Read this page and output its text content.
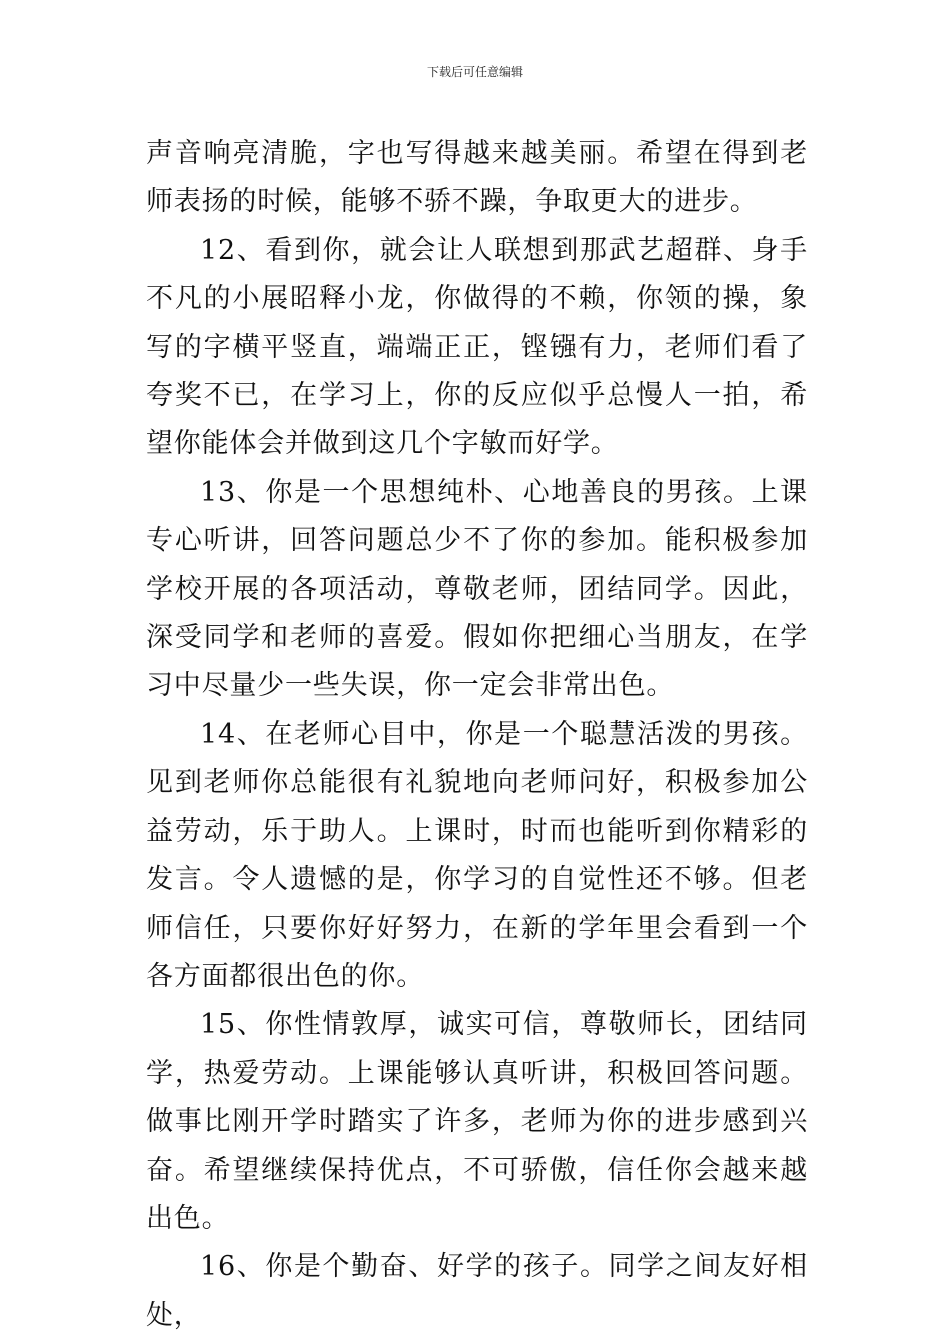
下载后可任意编辑

声音响亮清脆，字也写得越来越美丽。希望在得到老师表扬的时候，能够不骄不躁，争取更大的进步。

12、看到你，就会让人联想到那武艺超群、身手不凡的小展昭释小龙，你做得的不赖，你领的操，象写的字横平竖直，端端正正，铿镪有力，老师们看了夸奖不已，在学习上，你的反应似乎总慢人一拍，希望你能体会并做到这几个字敏而好学。

13、你是一个思想纯朴、心地善良的男孩。上课专心听讲，回答问题总少不了你的参加。能积极参加学校开展的各项活动，尊敬老师，团结同学。因此，深受同学和老师的喜爱。假如你把细心当朋友，在学习中尽量少一些失误，你一定会非常出色。

14、在老师心目中，你是一个聪慧活泼的男孩。见到老师你总能很有礼貌地向老师问好，积极参加公益劳动，乐于助人。上课时，时而也能听到你精彩的发言。令人遗憾的是，你学习的自觉性还不够。但老师信任，只要你好好努力，在新的学年里会看到一个各方面都很出色的你。

15、你性情敦厚，诚实可信，尊敬师长，团结同学，热爱劳动。上课能够认真听讲，积极回答问题。做事比刚开学时踏实了许多，老师为你的进步感到兴奋。希望继续保持优点，不可骄傲，信任你会越来越出色。

16、你是个勤奋、好学的孩子。同学之间友好相处，
